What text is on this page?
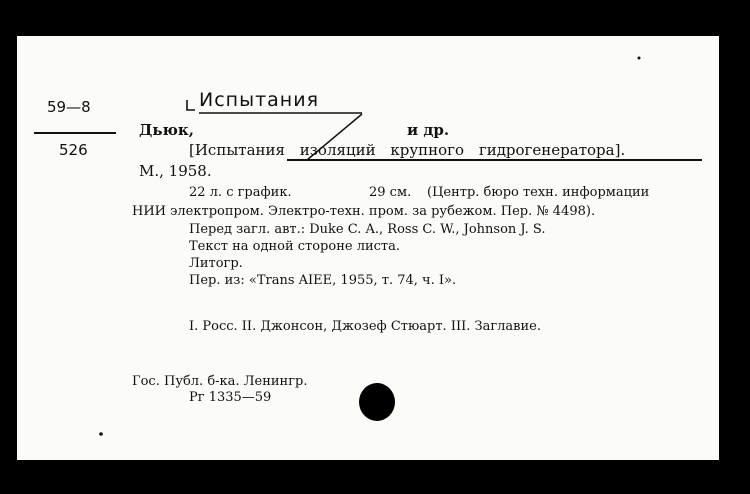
59—8
526
Испытания
Дьюк,	и др.
[Испытания изоляций крупного гидрогенератора].
М., 1958.
22 л. с график.	29 см. (Центр. бюро техн. информации
НИИ электропром. Электро-техн. пром. за рубежом. Пер. № 4498).
Перед загл. авт.: Duke C. A., Ross C. W., Johnson J. S.
Текст на одной стороне листа.
Литогр.
Пер. из: «Trans AIEE, 1955, т. 74, ч. I».
I. Росс. II. Джонсон, Джозеф Стюарт. III. Заглавие.
Гос. Публ. б-ка. Ленингр.
Рг 1335—59
